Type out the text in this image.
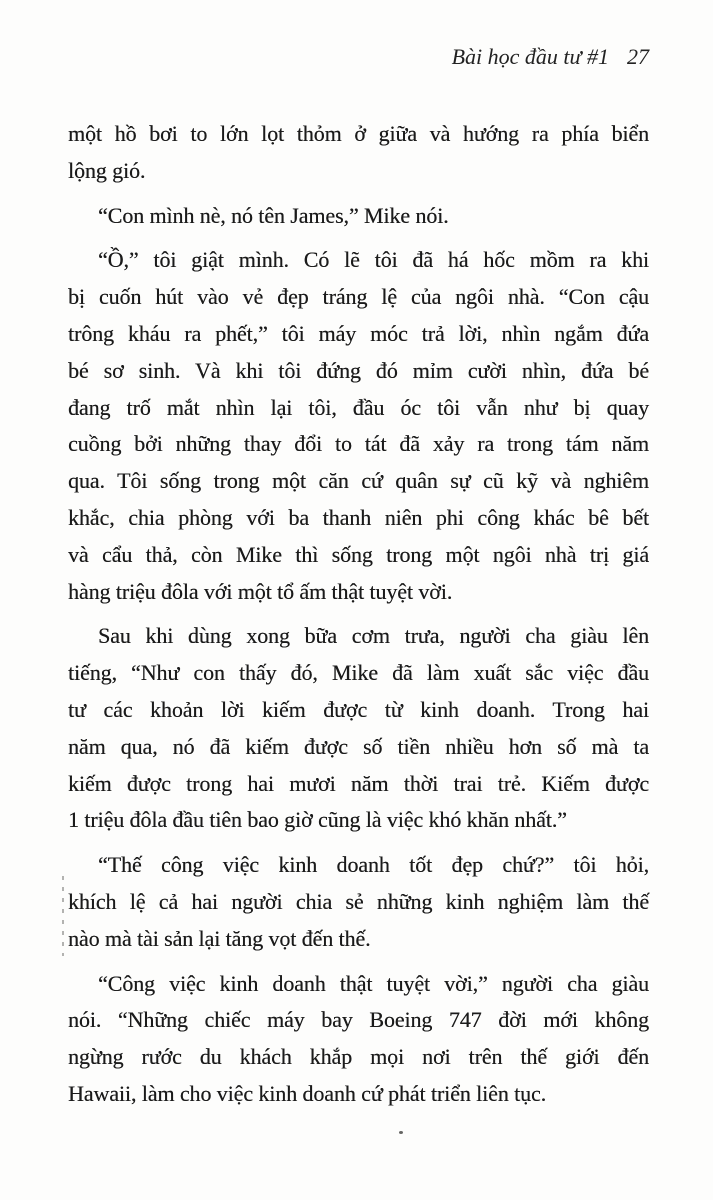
Bài học đầu tư #1 27
một hồ bơi to lớn lọt thỏm ở giữa và hướng ra phía biển
lộng gió.
“Con mình nè, nó tên James,” Mike nói.
“Ồ,” tôi giật mình. Có lẽ tôi đã há hốc mồm ra khi
bị cuốn hút vào vẻ đẹp tráng lệ của ngôi nhà. “Con cậu
trông kháu ra phết,” tôi máy móc trả lời, nhìn ngắm đứa
bé sơ sinh. Và khi tôi đứng đó mỉm cười nhìn, đứa bé
đang trố mắt nhìn lại tôi, đầu óc tôi vẫn như bị quay
cuồng bởi những thay đổi to tát đã xảy ra trong tám năm
qua. Tôi sống trong một căn cứ quân sự cũ kỹ và nghiêm
khắc, chia phòng với ba thanh niên phi công khác bê bết
và cẩu thả, còn Mike thì sống trong một ngôi nhà trị giá
hàng triệu đôla với một tổ ấm thật tuyệt vời.
Sau khi dùng xong bữa cơm trưa, người cha giàu lên
tiếng, “Như con thấy đó, Mike đã làm xuất sắc việc đầu
tư các khoản lời kiếm được từ kinh doanh. Trong hai
năm qua, nó đã kiếm được số tiền nhiều hơn số mà ta
kiếm được trong hai mươi năm thời trai trẻ. Kiếm được
1 triệu đôla đầu tiên bao giờ cũng là việc khó khăn nhất.”
“Thế công việc kinh doanh tốt đẹp chứ?” tôi hỏi,
khích lệ cả hai người chia sẻ những kinh nghiệm làm thế
nào mà tài sản lại tăng vọt đến thế.
“Công việc kinh doanh thật tuyệt vời,” người cha giàu
nói. “Những chiếc máy bay Boeing 747 đời mới không
ngừng rước du khách khắp mọi nơi trên thế giới đến
Hawaii, làm cho việc kinh doanh cứ phát triển liên tục.
